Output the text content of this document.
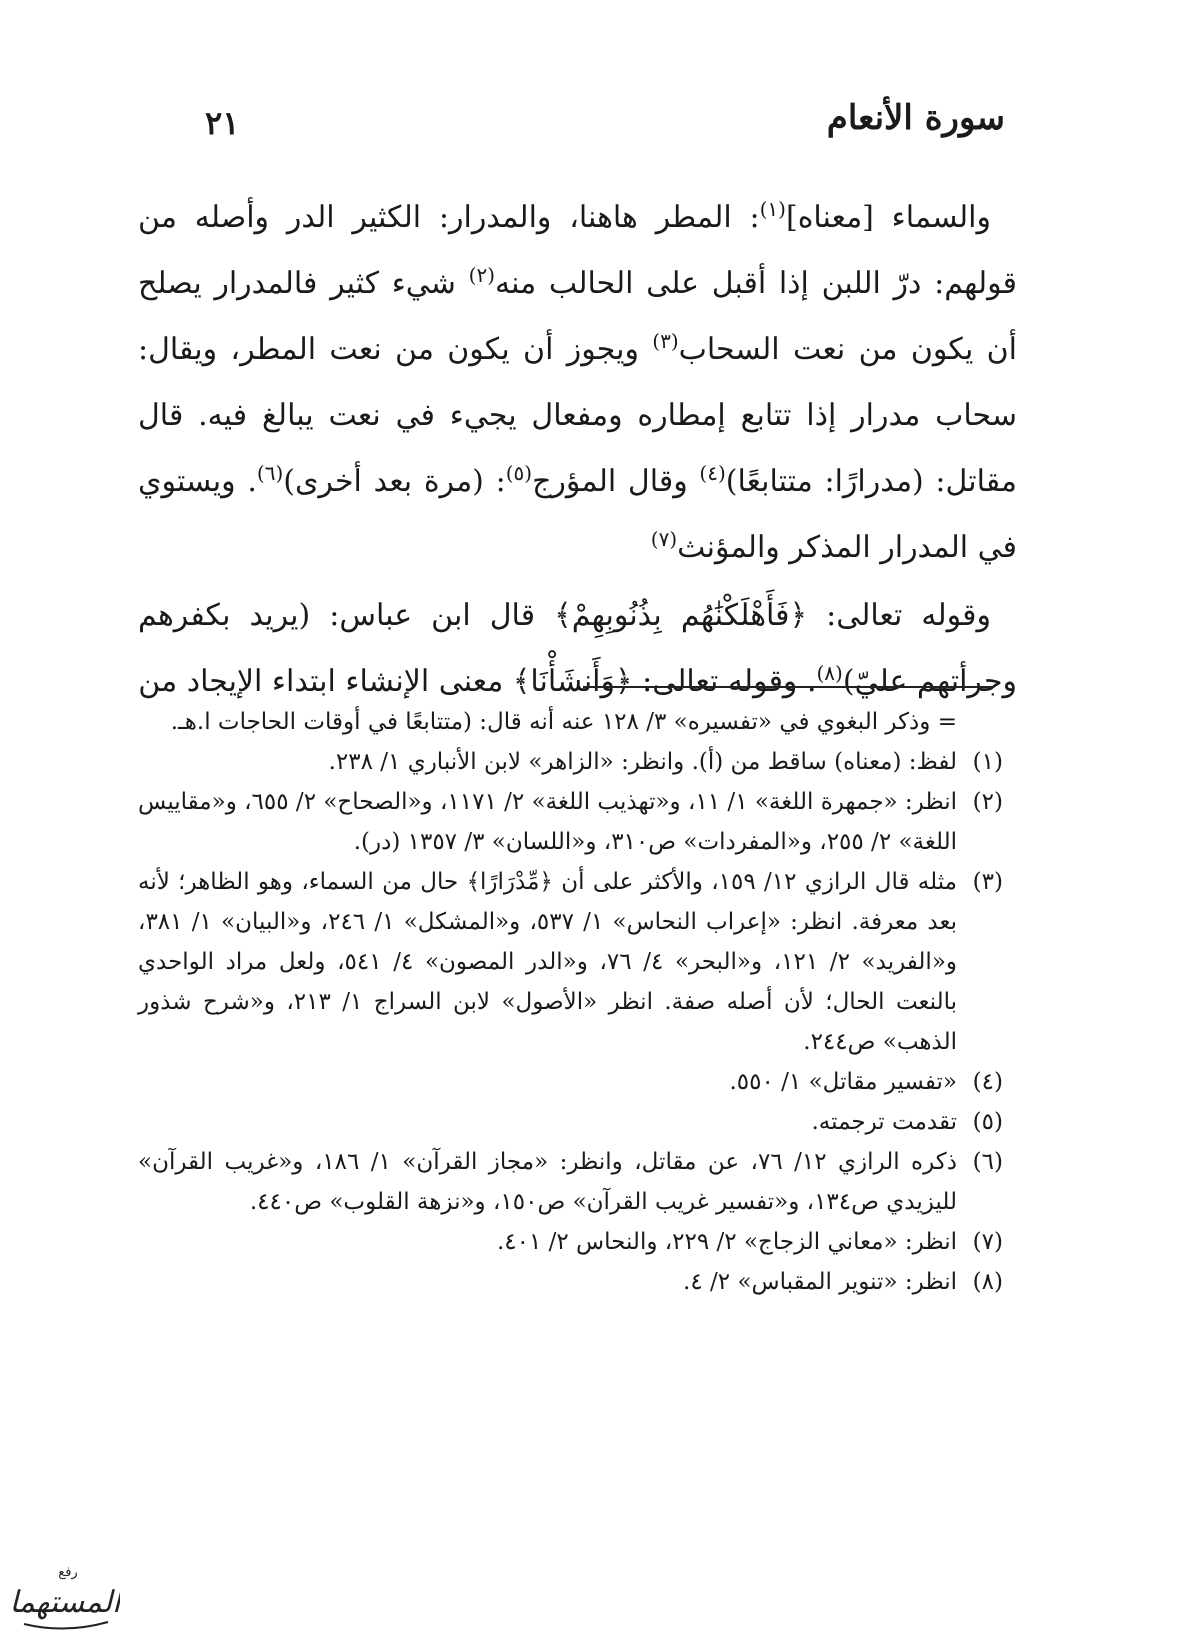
سورة الأنعام
٢١

والسماء [معناه]$^{(١)}$: المطر هاهنا، والمدرار: الكثير الدر وأصله من قولهم: درّ اللبن إذا أقبل على الحالب منه$^{(٢)}$ شيء كثير فالمدرار يصلح أن يكون من نعت السحاب$^{(٣)}$ ويجوز أن يكون من نعت المطر، ويقال: سحاب مدرار إذا تتابع إمطاره ومفعال يجيء في نعت يبالغ فيه. قال مقاتل: (مدرارًا: متتابعًا)$^{(٤)}$ وقال المؤرج$^{(٥)}$: (مرة بعد أخرى)$^{(٦)}$. ويستوي في المدرار المذكر والمؤنث$^{(٧)}$

وقوله تعالى: ﴿فَأَهْلَكْنَٰهُم بِذُنُوبِهِمْ﴾ قال ابن عباس: (يريد بكفرهم وجرأتهم عليّ)$^{(٨)}$. وقوله تعالى: ﴿وَأَنشَأْنَا﴾ معنى الإنشاء ابتداء الإيجاد من

= وذكر البغوي في «تفسيره» ٣/ ١٢٨ عنه أنه قال: (متتابعًا في أوقات الحاجات ا.هـ.

(١)
لفظ: (معناه) ساقط من (أ). وانظر: «الزاهر» لابن الأنباري ١/ ٢٣٨.

(٢)
انظر: «جمهرة اللغة» ١/ ١١، و«تهذيب اللغة» ٢/ ١١٧١، و«الصحاح» ٢/ ٦٥٥، و«مقاييس اللغة» ٢/ ٢٥٥، و«المفردات» ص٣١٠، و«اللسان» ٣/ ١٣٥٧ (در).

(٣)
مثله قال الرازي ١٢/ ١٥٩، والأكثر على أن ﴿مِّدْرَارًا﴾ حال من السماء، وهو الظاهر؛ لأنه بعد معرفة. انظر: «إعراب النحاس» ١/ ٥٣٧، و«المشكل» ١/ ٢٤٦، و«البيان» ١/ ٣٨١، و«الفريد» ٢/ ١٢١، و«البحر» ٤/ ٧٦، و«الدر المصون» ٤/ ٥٤١، ولعل مراد الواحدي بالنعت الحال؛ لأن أصله صفة. انظر «الأصول» لابن السراج ١/ ٢١٣، و«شرح شذور الذهب» ص٢٤٤.

(٤)
«تفسير مقاتل» ١/ ٥٥٠.

(٥)
تقدمت ترجمته.

(٦)
ذكره الرازي ١٢/ ٧٦، عن مقاتل، وانظر: «مجاز القرآن» ١/ ١٨٦، و«غريب القرآن» لليزيدي ص١٣٤، و«تفسير غريب القرآن» ص١٥٠، و«نزهة القلوب» ص٤٤٠.

(٧)
انظر: «معاني الزجاج» ٢/ ٢٢٩، والنحاس ٢/ ٤٠١.

(٨)
انظر: «تنوير المقباس» ٢/ ٤.

رفع
المستهما
